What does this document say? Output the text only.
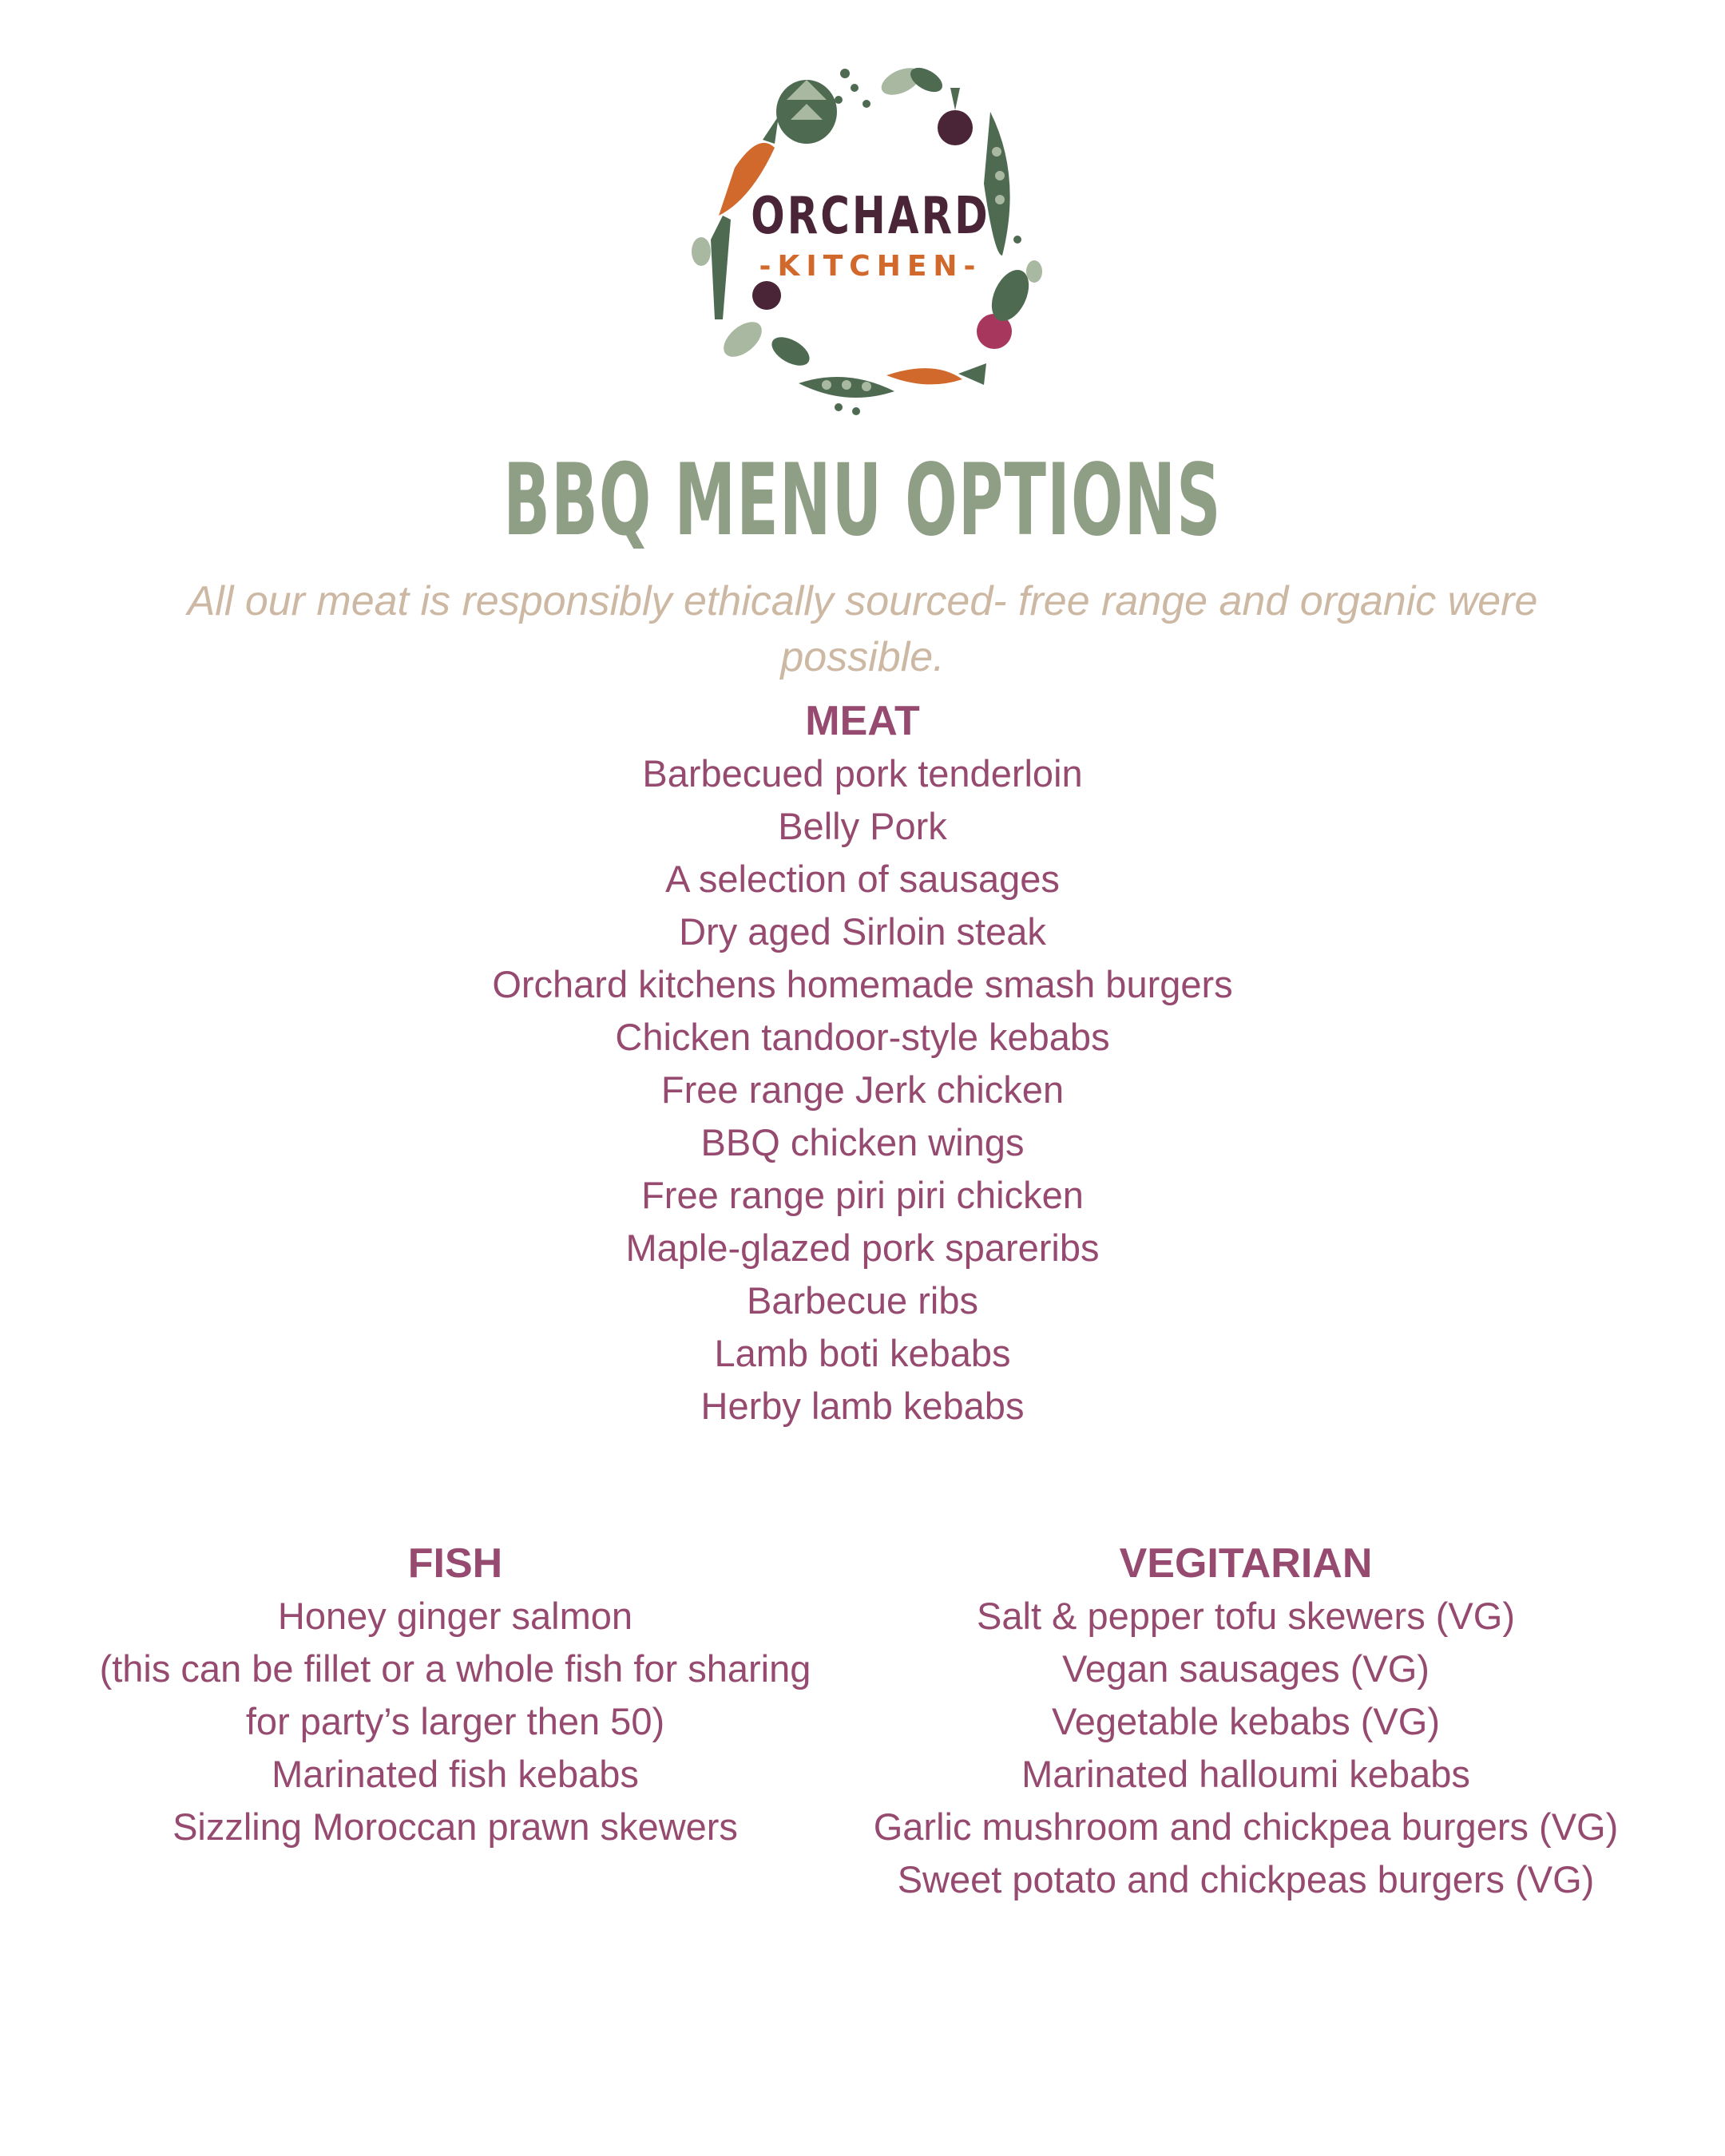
ORCHARD
-KITCHEN-
BBQ MENU OPTIONS
All our meat is responsibly ethically sourced- free range and organic were possible.

MEAT

Barbecued pork tenderloin

Belly Pork

A selection of sausages

Dry aged Sirloin steak

Orchard kitchens homemade smash burgers

Chicken tandoor-style kebabs

Free range Jerk chicken

BBQ chicken wings

Free range piri piri chicken

Maple-glazed pork spareribs

Barbecue ribs

Lamb boti kebabs

Herby lamb kebabs

FISH

Honey ginger salmon

(this can be fillet or a whole fish for sharing for party’s larger then 50)

Marinated fish kebabs

Sizzling Moroccan prawn skewers

VEGITARIAN

Salt & pepper tofu skewers (VG)

Vegan sausages (VG)

Vegetable kebabs (VG)

Marinated halloumi kebabs

Garlic mushroom and chickpea burgers (VG)

Sweet potato and chickpeas burgers (VG)
